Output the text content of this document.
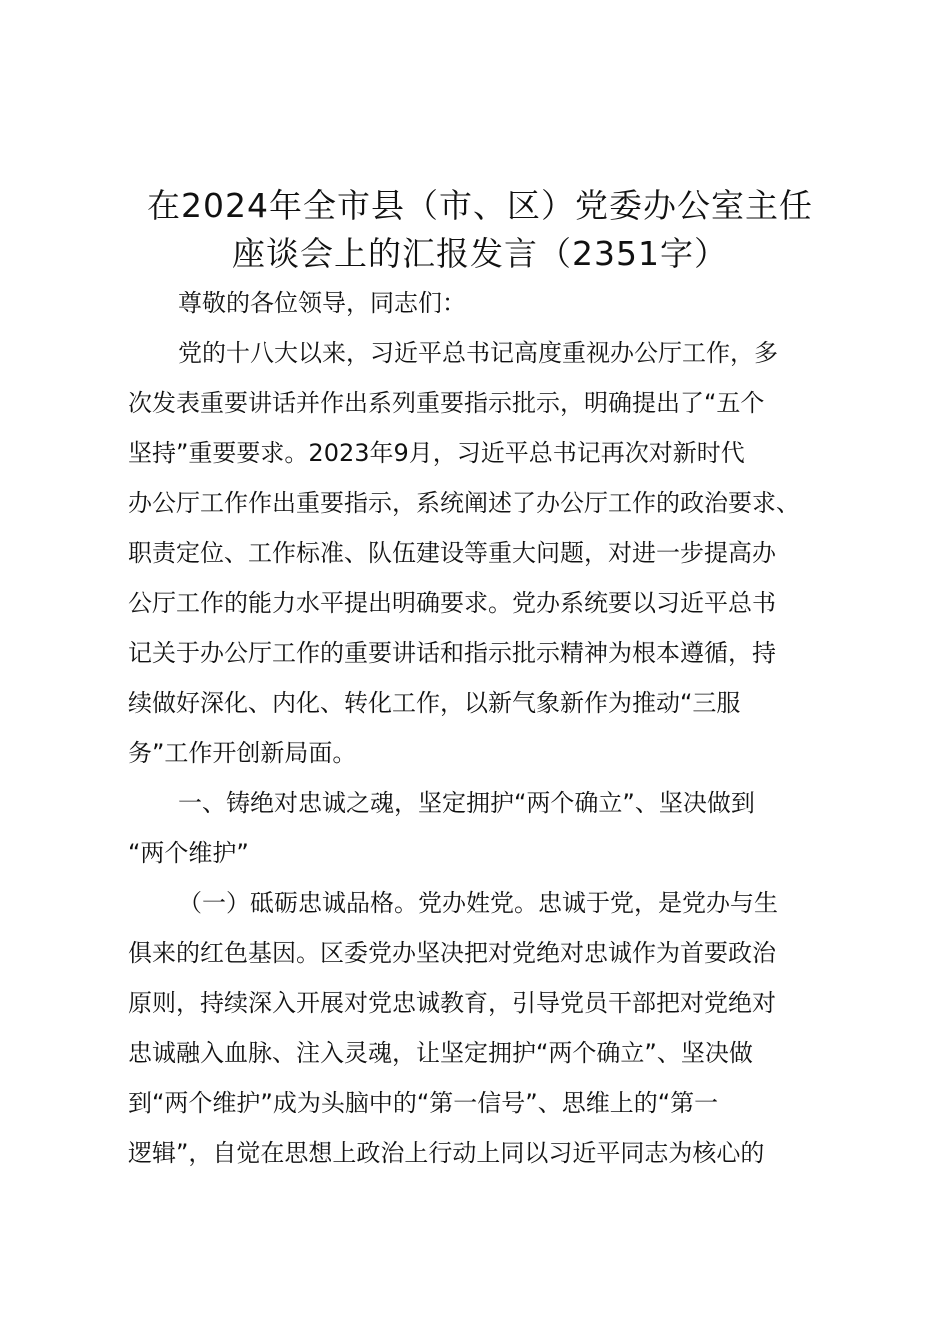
在2024年全市县（市、区）党委办公室主任
座谈会上的汇报发言（2351字）
尊敬的各位领导，同志们：
党的十八大以来，习近平总书记高度重视办公厅工作，多
次发表重要讲话并作出系列重要指示批示，明确提出了“五个
坚持”重要要求。2023年9月，习近平总书记再次对新时代
办公厅工作作出重要指示，系统阐述了办公厅工作的政治要求、
职责定位、工作标准、队伍建设等重大问题，对进一步提高办
公厅工作的能力水平提出明确要求。党办系统要以习近平总书
记关于办公厅工作的重要讲话和指示批示精神为根本遵循，持
续做好深化、内化、转化工作，以新气象新作为推动“三服
务”工作开创新局面。
一、铸绝对忠诚之魂，坚定拥护“两个确立”、坚决做到
“两个维护”
（一）砥砺忠诚品格。党办姓党。忠诚于党，是党办与生
俱来的红色基因。区委党办坚决把对党绝对忠诚作为首要政治
原则，持续深入开展对党忠诚教育，引导党员干部把对党绝对
忠诚融入血脉、注入灵魂，让坚定拥护“两个确立”、坚决做
到“两个维护”成为头脑中的“第一信号”、思维上的“第一
逻辑”，自觉在思想上政治上行动上同以习近平同志为核心的
